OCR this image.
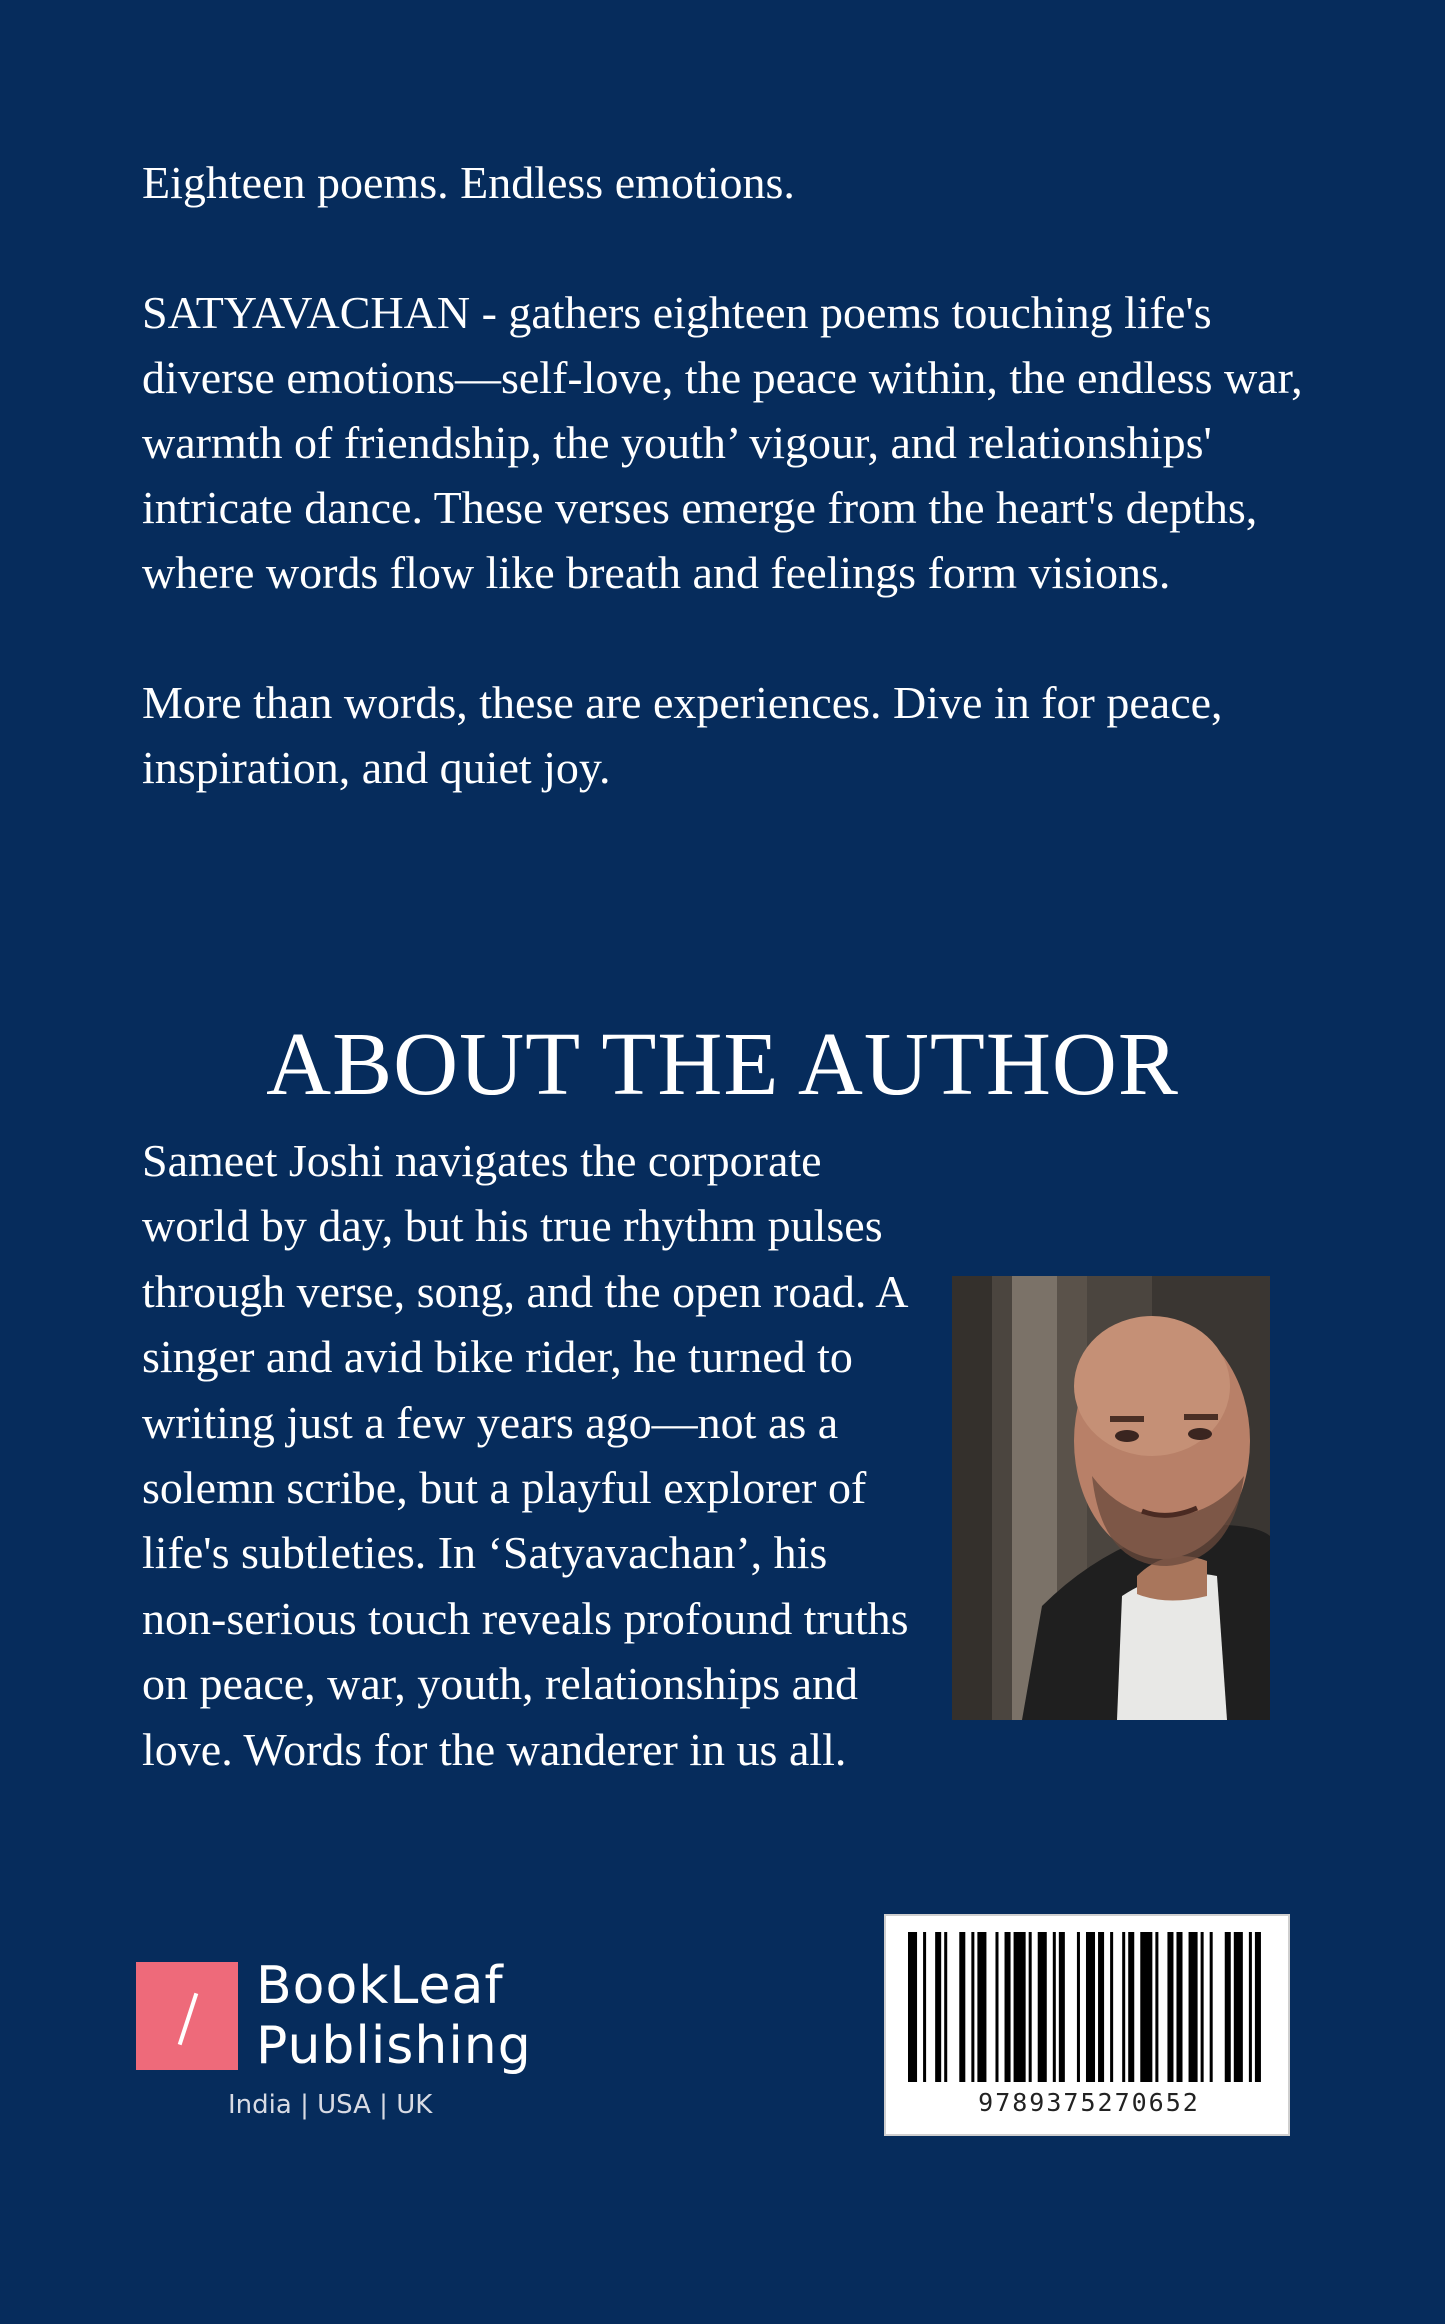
Eighteen poems. Endless emotions.

SATYAVACHAN - gathers eighteen poems touching life's diverse emotions—self-love, the peace within, the endless war, warmth of friendship, the youth’ vigour, and relationships' intricate dance. These verses emerge from the heart's depths, where words flow like breath and feelings form visions.

More than words, these are experiences. Dive in for peace, inspiration, and quiet joy.

ABOUT THE AUTHOR

Sameet Joshi navigates the corporate world by day, but his true rhythm pulses through verse, song, and the open road. A singer and avid bike rider, he turned to writing just a few years ago—not as a solemn scribe, but a playful explorer of life's subtleties. In ‘Satyavachan’, his non-serious touch reveals profound truths on peace, war, youth, relationships and love. Words for the wanderer in us all.

BookLeaf
Publishing
India | USA | UK	9789375270652
